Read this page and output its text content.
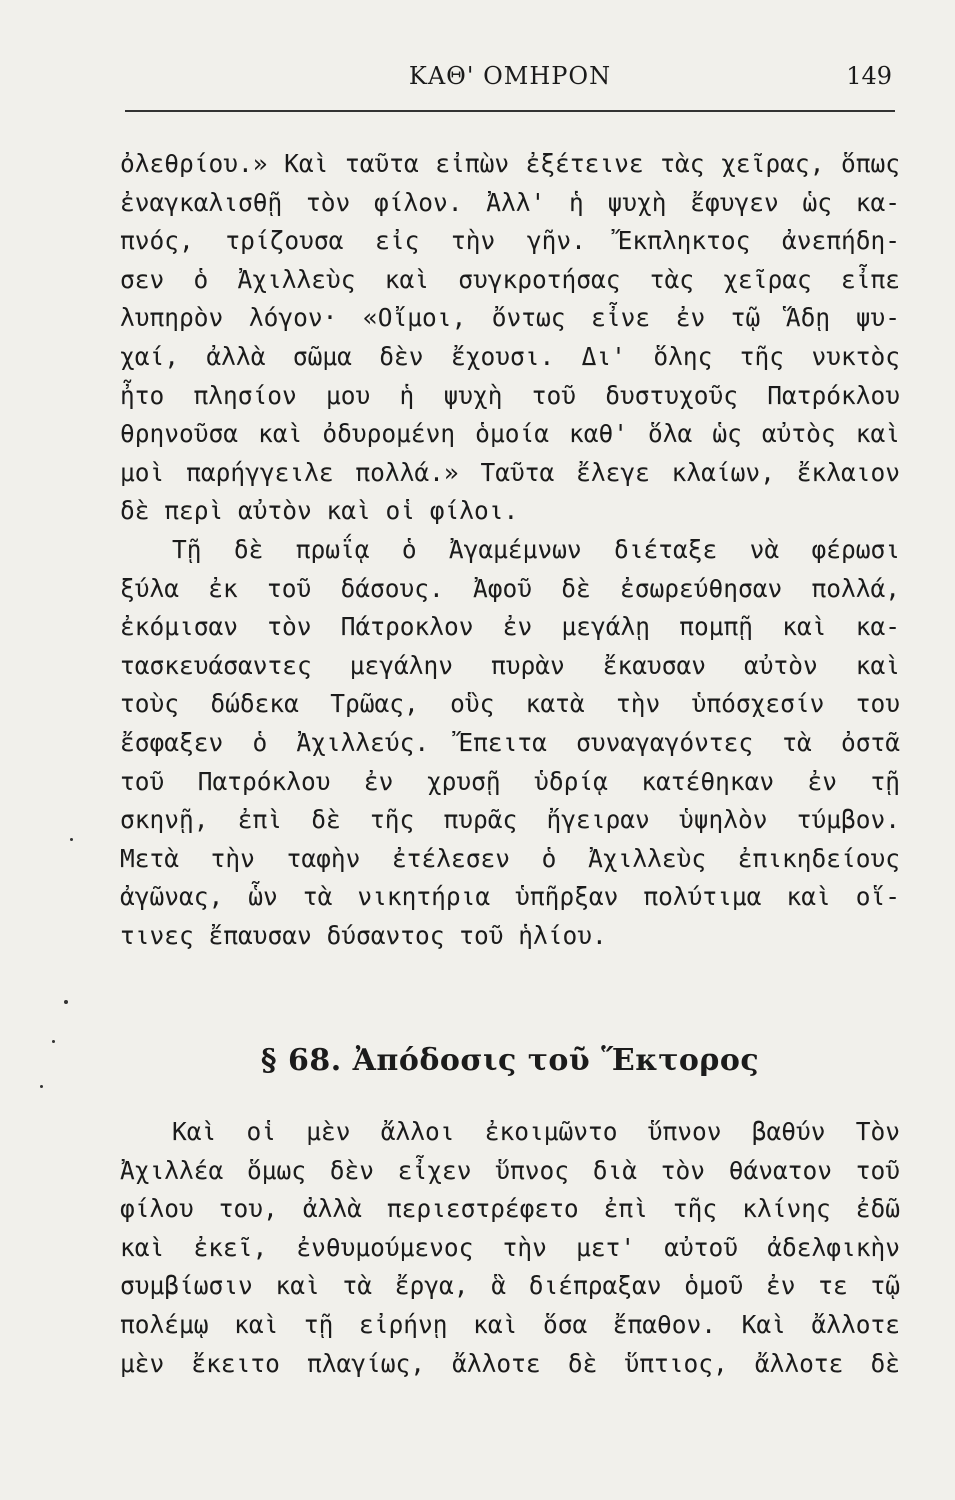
ΚΑΘ' ΟΜΗΡΟΝ	149
ὀλεθρίου.» Καὶ ταῦτα εἰπὼν ἐξέτεινε τὰς χεῖρας, ὅπως
ἐναγκαλισθῇ τὸν φίλον. Ἀλλ' ἡ ψυχὴ ἔφυγεν ὡς κα-
πνός, τρίζουσα εἰς τὴν γῆν. Ἔκπληκτος ἀνεπήδη-
σεν ὁ Ἀχιλλεὺς καὶ συγκροτήσας τὰς χεῖρας εἶπε
λυπηρὸν λόγον· «Οἴμοι, ὄντως εἶνε ἐν τῷ Ἅδῃ ψυ-
χαί, ἀλλὰ σῶμα δὲν ἔχουσι. Δι' ὅλης τῆς νυκτὸς
ἦτο πλησίον μου ἡ ψυχὴ τοῦ δυστυχοῦς Πατρόκλου
θρηνοῦσα καὶ ὀδυρομένη ὁμοία καθ' ὅλα ὡς αὐτὸς καὶ
μοὶ παρήγγειλε πολλά.» Ταῦτα ἔλεγε κλαίων, ἔκλαιον
δὲ περὶ αὐτὸν καὶ οἱ φίλοι.
Τῇ δὲ πρωΐᾳ ὁ Ἀγαμέμνων διέταξε νὰ φέρωσι
ξύλα ἐκ τοῦ δάσους. Ἀφοῦ δὲ ἐσωρεύθησαν πολλά,
ἐκόμισαν τὸν Πάτροκλον ἐν μεγάλῃ πομπῇ καὶ κα-
τασκευάσαντες μεγάλην πυρὰν ἔκαυσαν αὐτὸν καὶ
τοὺς δώδεκα Τρῶας, οὓς κατὰ τὴν ὑπόσχεσίν του
ἔσφαξεν ὁ Ἀχιλλεύς. Ἔπειτα συναγαγόντες τὰ ὀστᾶ
τοῦ Πατρόκλου ἐν χρυσῇ ὑδρίᾳ κατέθηκαν ἐν τῇ
σκηνῇ, ἐπὶ δὲ τῆς πυρᾶς ἤγειραν ὑψηλὸν τύμβον.
Μετὰ τὴν ταφὴν ἐτέλεσεν ὁ Ἀχιλλεὺς ἐπικηδείους
ἀγῶνας, ὧν τὰ νικητήρια ὑπῆρξαν πολύτιμα καὶ οἵ-
τινες ἔπαυσαν δύσαντος τοῦ ἡλίου.
§ 68. Ἀπόδοσις τοῦ Ἕκτορος
Καὶ οἱ μὲν ἄλλοι ἐκοιμῶντο ὕπνον βαθύν Τὸν
Ἀχιλλέα ὅμως δὲν εἶχεν ὕπνος διὰ τὸν θάνατον τοῦ
φίλου του, ἀλλὰ περιεστρέφετο ἐπὶ τῆς κλίνης ἐδῶ
καὶ ἐκεῖ, ἐνθυμούμενος τὴν μετ' αὐτοῦ ἀδελφικὴν
συμβίωσιν καὶ τὰ ἔργα, ἃ διέπραξαν ὁμοῦ ἐν τε τῷ
πολέμῳ καὶ τῇ εἰρήνῃ καὶ ὅσα ἔπαθον. Καὶ ἄλλοτε
μὲν ἔκειτο πλαγίως, ἄλλοτε δὲ ὕπτιος, ἄλλοτε δὲ
